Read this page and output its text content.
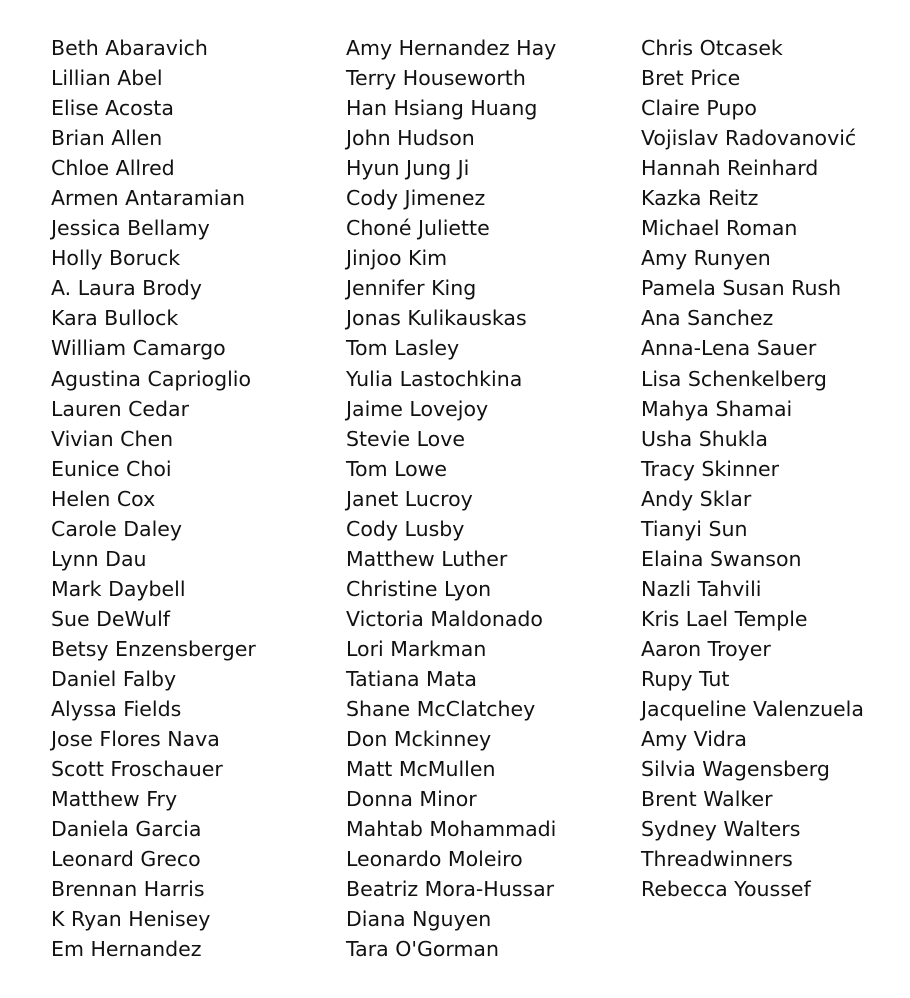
Beth Abaravich
Lillian Abel
Elise Acosta
Brian Allen
Chloe Allred
Armen Antaramian
Jessica Bellamy
Holly Boruck
A. Laura Brody
Kara Bullock
William Camargo
Agustina Caprioglio
Lauren Cedar
Vivian Chen
Eunice Choi
Helen Cox
Carole Daley
Lynn Dau
Mark Daybell
Sue DeWulf
Betsy Enzensberger
Daniel Falby
Alyssa Fields
Jose Flores Nava
Scott Froschauer
Matthew Fry
Daniela Garcia
Leonard Greco
Brennan Harris
K Ryan Henisey
Em Hernandez
Amy Hernandez Hay
Terry Houseworth
Han Hsiang Huang
John Hudson
Hyun Jung Ji
Cody Jimenez
Choné Juliette
Jinjoo Kim
Jennifer King
Jonas Kulikauskas
Tom Lasley
Yulia Lastochkina
Jaime Lovejoy
Stevie Love
Tom Lowe
Janet Lucroy
Cody Lusby
Matthew Luther
Christine Lyon
Victoria Maldonado
Lori Markman
Tatiana Mata
Shane McClatchey
Don Mckinney
Matt McMullen
Donna Minor
Mahtab Mohammadi
Leonardo Moleiro
Beatriz Mora-Hussar
Diana Nguyen
Tara O'Gorman
Chris Otcasek
Bret Price
Claire Pupo
Vojislav Radovanović
Hannah Reinhard
Kazka Reitz
Michael Roman
Amy Runyen
Pamela Susan Rush
Ana Sanchez
Anna-Lena Sauer
Lisa Schenkelberg
Mahya Shamai
Usha Shukla
Tracy Skinner
Andy Sklar
Tianyi Sun
Elaina Swanson
Nazli Tahvili
Kris Lael Temple
Aaron Troyer
Rupy Tut
Jacqueline Valenzuela
Amy Vidra
Silvia Wagensberg
Brent Walker
Sydney Walters
Threadwinners
Rebecca Youssef
